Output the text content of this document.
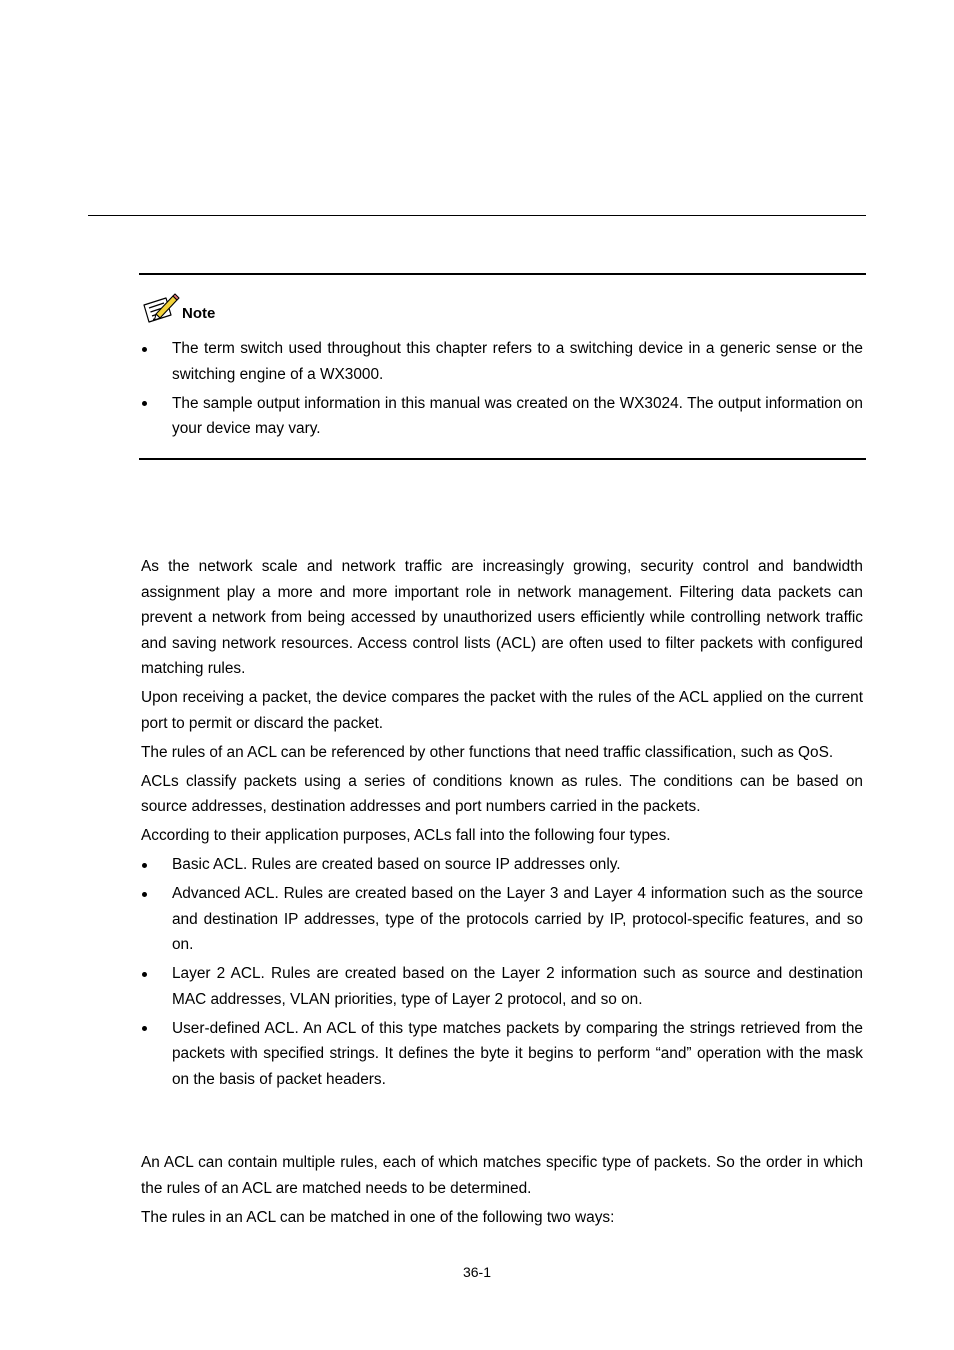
Note
The term switch used throughout this chapter refers to a switching device in a generic sense or the switching engine of a WX3000.
The sample output information in this manual was created on the WX3024. The output information on your device may vary.

As the network scale and network traffic are increasingly growing, security control and bandwidth assignment play a more and more important role in network management. Filtering data packets can prevent a network from being accessed by unauthorized users efficiently while controlling network traffic and saving network resources. Access control lists (ACL) are often used to filter packets with configured matching rules.

Upon receiving a packet, the device compares the packet with the rules of the ACL applied on the current port to permit or discard the packet.

The rules of an ACL can be referenced by other functions that need traffic classification, such as QoS.

ACLs classify packets using a series of conditions known as rules. The conditions can be based on source addresses, destination addresses and port numbers carried in the packets.

According to their application purposes, ACLs fall into the following four types.

Basic ACL. Rules are created based on source IP addresses only.
Advanced ACL. Rules are created based on the Layer 3 and Layer 4 information such as the source and destination IP addresses, type of the protocols carried by IP, protocol-specific features, and so on.
Layer 2 ACL. Rules are created based on the Layer 2 information such as source and destination MAC addresses, VLAN priorities, type of Layer 2 protocol, and so on.
User-defined ACL. An ACL of this type matches packets by comparing the strings retrieved from the packets with specified strings. It defines the byte it begins to perform “and” operation with the mask on the basis of packet headers.

An ACL can contain multiple rules, each of which matches specific type of packets. So the order in which the rules of an ACL are matched needs to be determined.

The rules in an ACL can be matched in one of the following two ways:

36-1
